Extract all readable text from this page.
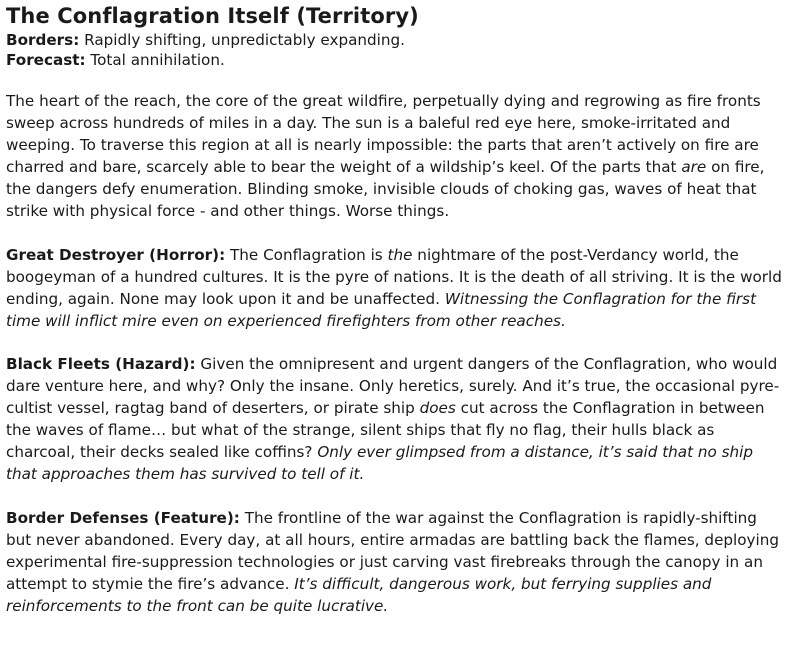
The Conflagration Itself (Territory)

Borders: Rapidly shifting, unpredictably expanding.

Forecast: Total annihilation.

The heart of the reach, the core of the great wildfire, perpetually dying and regrowing as fire fronts sweep across hundreds of miles in a day. The sun is a baleful red eye here, smoke-irritated and weeping. To traverse this region at all is nearly impossible: the parts that aren’t actively on fire are charred and bare, scarcely able to bear the weight of a wildship’s keel. Of the parts that are on fire, the dangers defy enumeration. Blinding smoke, invisible clouds of choking gas, waves of heat that strike with physical force - and other things. Worse things.

Great Destroyer (Horror): The Conflagration is the nightmare of the post-Verdancy world, the boogeyman of a hundred cultures. It is the pyre of nations. It is the death of all striving. It is the world ending, again. None may look upon it and be unaffected. Witnessing the Conflagration for the first time will inflict mire even on experienced firefighters from other reaches.

Black Fleets (Hazard): Given the omnipresent and urgent dangers of the Conflagration, who would dare venture here, and why? Only the insane. Only heretics, surely. And it’s true, the occasional pyre-cultist vessel, ragtag band of deserters, or pirate ship does cut across the Conflagration in between the waves of flame… but what of the strange, silent ships that fly no flag, their hulls black as charcoal, their decks sealed like coffins? Only ever glimpsed from a distance, it’s said that no ship that approaches them has survived to tell of it.

Border Defenses (Feature): The frontline of the war against the Conflagration is rapidly-shifting but never abandoned. Every day, at all hours, entire armadas are battling back the flames, deploying experimental fire-suppression technologies or just carving vast firebreaks through the canopy in an attempt to stymie the fire’s advance. It’s difficult, dangerous work, but ferrying supplies and reinforcements to the front can be quite lucrative.
